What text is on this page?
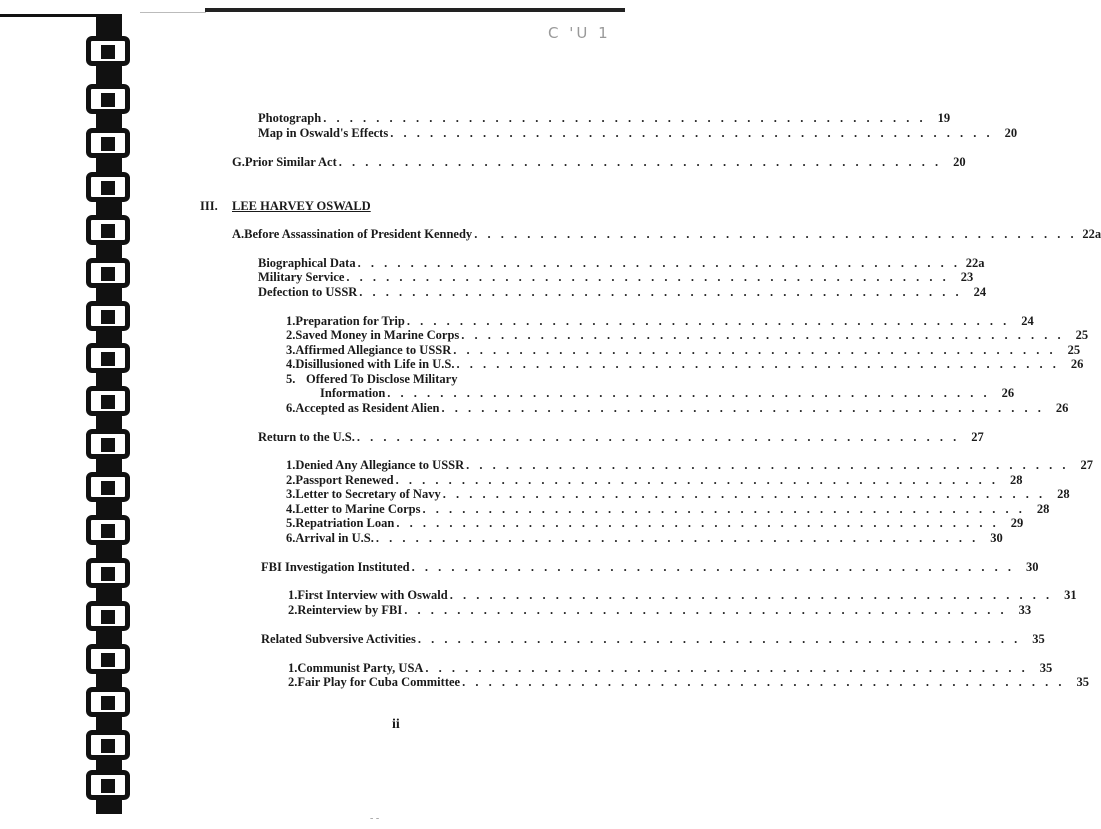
C 'U 1
Photograph . . . . . . . . . . . . . . . . . . . . . . . . . . . . . . . . . . . . . . . . . . . . . . 19
Map in Oswald's Effects . . . . . . . . . . . . . . . . . . . . . . . . . . . . . . . . . . . . . . . . . . . . . . 20
G. Prior Similar Act . . . . . . . . . . . . . . . . . . . . . . . . . . . . . . . . . . . . . . . . . . . . . . 20
III.	LEE HARVEY OSWALD
A. Before Assassination of President Kennedy . . . . . . . . . . . . . . . . . . . . . . . . . . . . . . . . . . . . . . . . . . . . . . 22a
Biographical Data . . . . . . . . . . . . . . . . . . . . . . . . . . . . . . . . . . . . . . . . . . . . . . 22a
Military Service . . . . . . . . . . . . . . . . . . . . . . . . . . . . . . . . . . . . . . . . . . . . . . 23
Defection to USSR . . . . . . . . . . . . . . . . . . . . . . . . . . . . . . . . . . . . . . . . . . . . . . 24
1. Preparation for Trip . . . . . . . . . . . . . . . . . . . . . . . . . . . . . . . . . . . . . . . . . . . . . . 24
2. Saved Money in Marine Corps . . . . . . . . . . . . . . . . . . . . . . . . . . . . . . . . . . . . . . . . . . . . . . 25
3. Affirmed Allegiance to USSR . . . . . . . . . . . . . . . . . . . . . . . . . . . . . . . . . . . . . . . . . . . . . . 25
4. Disillusioned with Life in U.S. . . . . . . . . . . . . . . . . . . . . . . . . . . . . . . . . . . . . . . . . . . . . . . 26
5. Offered To Disclose Military
Information . . . . . . . . . . . . . . . . . . . . . . . . . . . . . . . . . . . . . . . . . . . . . . 26
6. Accepted as Resident Alien . . . . . . . . . . . . . . . . . . . . . . . . . . . . . . . . . . . . . . . . . . . . . . 26
Return to the U.S. . . . . . . . . . . . . . . . . . . . . . . . . . . . . . . . . . . . . . . . . . . . . . . 27
1. Denied Any Allegiance to USSR . . . . . . . . . . . . . . . . . . . . . . . . . . . . . . . . . . . . . . . . . . . . . . 27
2. Passport Renewed . . . . . . . . . . . . . . . . . . . . . . . . . . . . . . . . . . . . . . . . . . . . . . 28
3. Letter to Secretary of Navy . . . . . . . . . . . . . . . . . . . . . . . . . . . . . . . . . . . . . . . . . . . . . . 28
4. Letter to Marine Corps . . . . . . . . . . . . . . . . . . . . . . . . . . . . . . . . . . . . . . . . . . . . . . 28
5. Repatriation Loan . . . . . . . . . . . . . . . . . . . . . . . . . . . . . . . . . . . . . . . . . . . . . . 29
6. Arrival in U.S. . . . . . . . . . . . . . . . . . . . . . . . . . . . . . . . . . . . . . . . . . . . . . . 30
FBI Investigation Instituted . . . . . . . . . . . . . . . . . . . . . . . . . . . . . . . . . . . . . . . . . . . . . . 30
1. First Interview with Oswald . . . . . . . . . . . . . . . . . . . . . . . . . . . . . . . . . . . . . . . . . . . . . . 31
2. Reinterview by FBI . . . . . . . . . . . . . . . . . . . . . . . . . . . . . . . . . . . . . . . . . . . . . . 33
Related Subversive Activities . . . . . . . . . . . . . . . . . . . . . . . . . . . . . . . . . . . . . . . . . . . . . . 35
1. Communist Party, USA . . . . . . . . . . . . . . . . . . . . . . . . . . . . . . . . . . . . . . . . . . . . . . 35
2. Fair Play for Cuba Committee . . . . . . . . . . . . . . . . . . . . . . . . . . . . . . . . . . . . . . . . . . . . . . 35
ii
- -
